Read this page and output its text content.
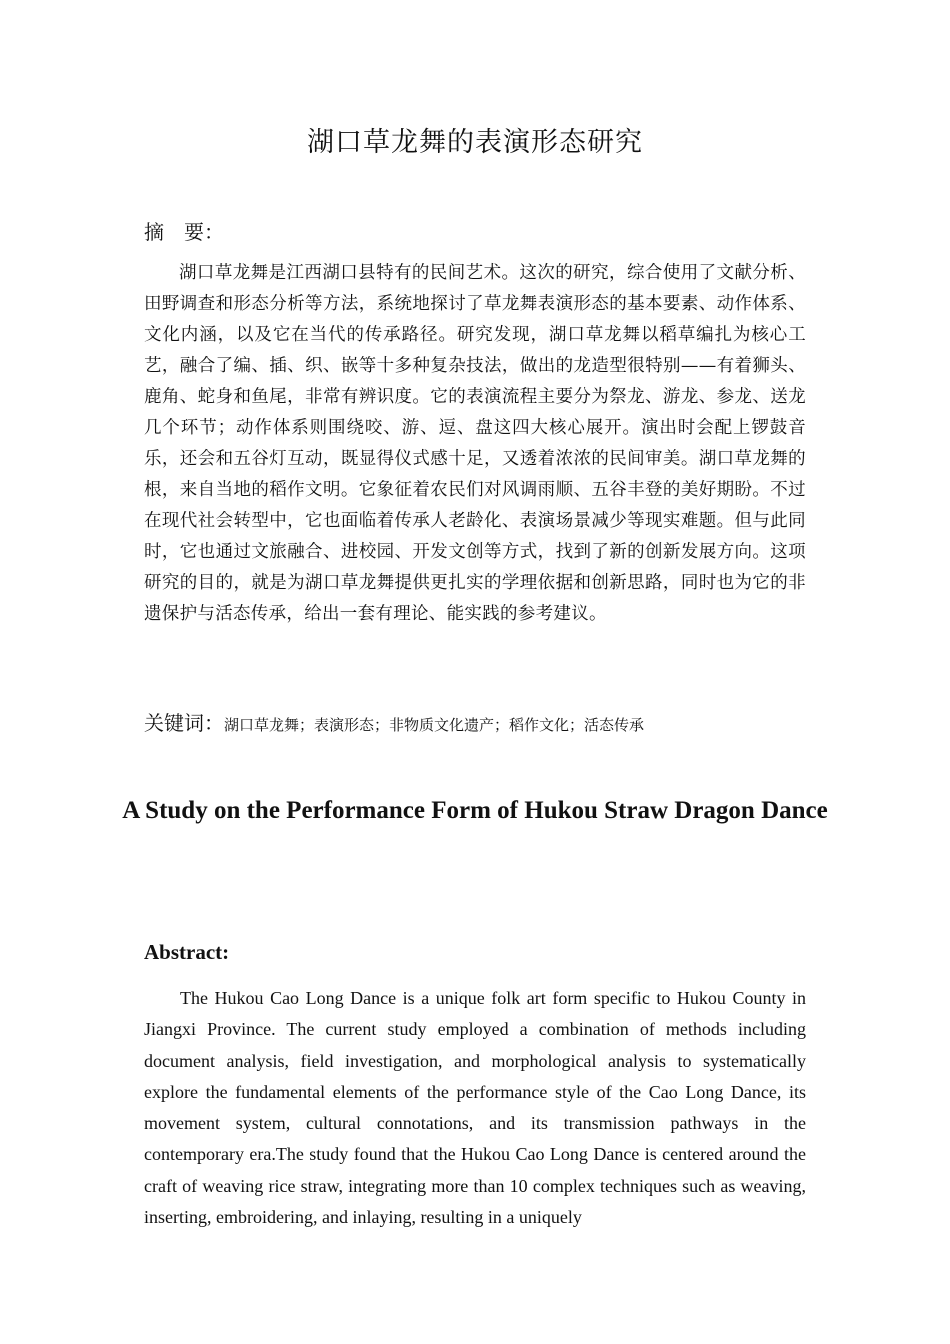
湖口草龙舞的表演形态研究
摘　要：
湖口草龙舞是江西湖口县特有的民间艺术。这次的研究，综合使用了文献分析、田野调查和形态分析等方法，系统地探讨了草龙舞表演形态的基本要素、动作体系、文化内涵，以及它在当代的传承路径。研究发现，湖口草龙舞以稻草编扎为核心工艺，融合了编、插、织、嵌等十多种复杂技法，做出的龙造型很特别——有着狮头、鹿角、蛇身和鱼尾，非常有辨识度。它的表演流程主要分为祭龙、游龙、参龙、送龙几个环节；动作体系则围绕咬、游、逗、盘这四大核心展开。演出时会配上锣鼓音乐，还会和五谷灯互动，既显得仪式感十足，又透着浓浓的民间审美。湖口草龙舞的根，来自当地的稻作文明。它象征着农民们对风调雨顺、五谷丰登的美好期盼。不过在现代社会转型中，它也面临着传承人老龄化、表演场景减少等现实难题。但与此同时，它也通过文旅融合、进校园、开发文创等方式，找到了新的创新发展方向。这项研究的目的，就是为湖口草龙舞提供更扎实的学理依据和创新思路，同时也为它的非遗保护与活态传承，给出一套有理论、能实践的参考建议。
关键词：湖口草龙舞；表演形态；非物质文化遗产；稻作文化；活态传承
A Study on the Performance Form of Hukou Straw Dragon Dance
Abstract:
The Hukou Cao Long Dance is a unique folk art form specific to Hukou County in Jiangxi Province. The current study employed a combination of methods including document analysis, field investigation, and morphological analysis to systematically explore the fundamental elements of the performance style of the Cao Long Dance, its movement system, cultural connotations, and its transmission pathways in the contemporary era.The study found that the Hukou Cao Long Dance is centered around the craft of weaving rice straw, integrating more than 10 complex techniques such as weaving, inserting, embroidering, and inlaying, resulting in a uniquely
